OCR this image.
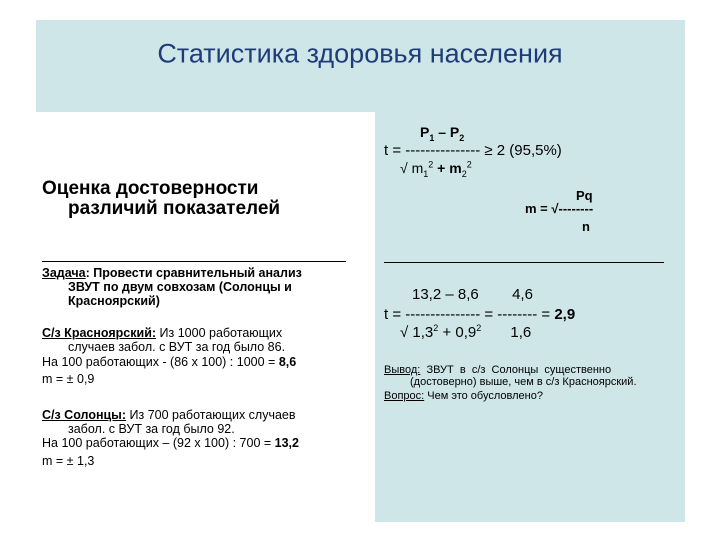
Статистика здоровья населения
Оценка достоверности
различий показателей
Задача: Провести сравнительный анализ
ЗВУТ по двум совхозам (Солонцы и
Красноярский)
С/з Красноярский: Из 1000 работающих
случаев забол. с ВУТ за год было 86.
На 100 работающих - (86 х 100) : 1000 = 8,6
m = ± 0,9
С/з Солонцы: Из 700 работающих случаев
забол. с ВУТ за год было 92.
На 100 работающих – (92 х 100) : 700 = 13,2
m = ± 1,3
$P_1 - P_2$
t = --------------- ≥ 2 (95,5%)
√ $m_1^2 + m_2^2$
Pq
m = √--------
n
13,2 – 8,6        4,6
t = --------------- = -------- = 2,9
√ $1,3^2 + 0,9^2$       1,6
Вывод:  ЗВУТ  в  с/з  Солонцы  существенно
(достоверно) выше, чем в с/з Красноярский.
Вопрос: Чем это обусловлено?
